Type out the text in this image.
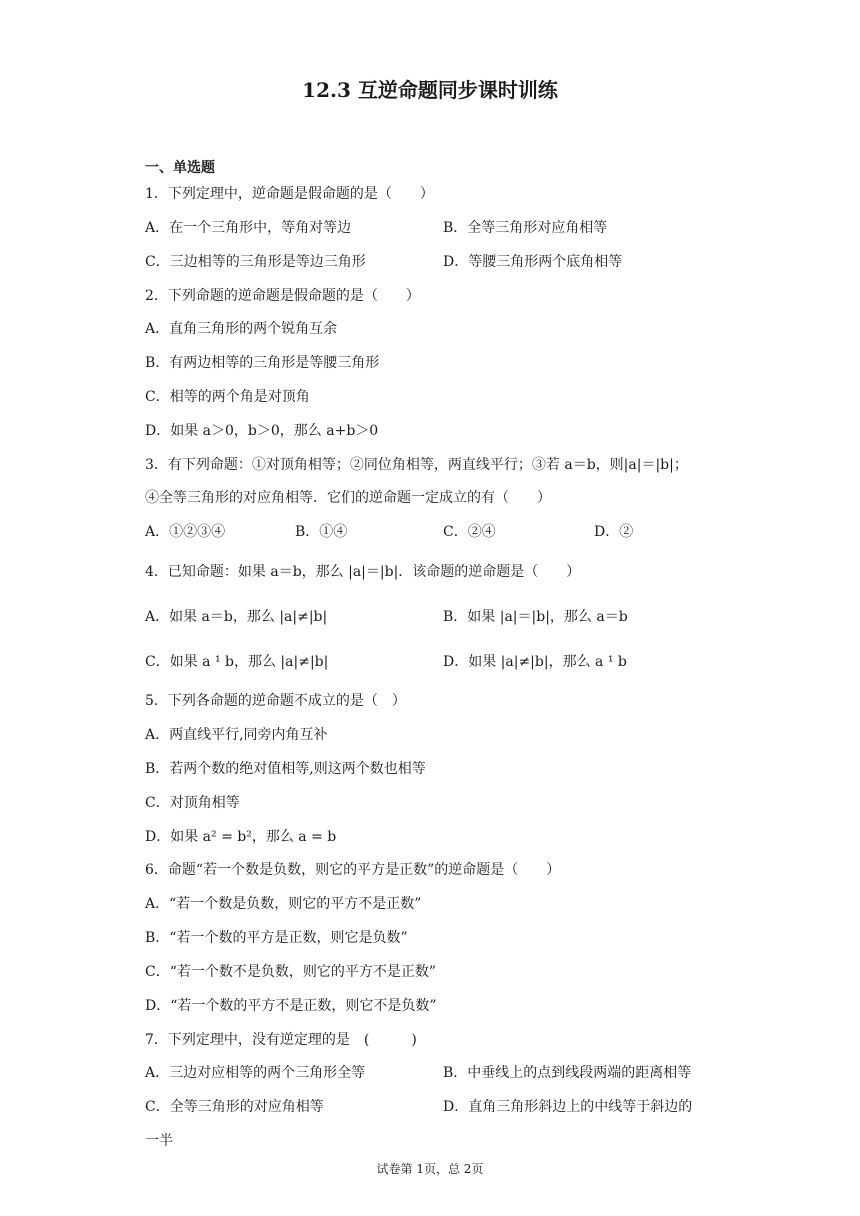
12.3 互逆命题同步课时训练
一、单选题
1．下列定理中，逆命题是假命题的是（　　）
A．在一个三角形中，等角对等边	B．全等三角形对应角相等
C．三边相等的三角形是等边三角形	D．等腰三角形两个底角相等
2．下列命题的逆命题是假命题的是（　　）
A．直角三角形的两个锐角互余
B．有两边相等的三角形是等腰三角形
C．相等的两个角是对顶角
D．如果 a＞0，b＞0，那么 a+b＞0
3．有下列命题：①对顶角相等；②同位角相等，两直线平行；③若 a＝b，则|a|＝|b|；
④全等三角形的对应角相等．它们的逆命题一定成立的有（　　）
A．①②③④	B．①④	C．②④	D．②
4．已知命题：如果 a＝b，那么 |a|＝|b|．该命题的逆命题是（　　）
A．如果 a＝b，那么 |a|≠|b|	B．如果 |a|＝|b|，那么 a＝b
C．如果 a ¹ b，那么 |a|≠|b|	D．如果 |a|≠|b|，那么 a ¹ b
5．下列各命题的逆命题不成立的是（　）
A．两直线平行,同旁内角互补
B．若两个数的绝对值相等,则这两个数也相等
C．对顶角相等
D．如果 a² = b²，那么 a = b
6．命题“若一个数是负数，则它的平方是正数”的逆命题是（　　）
A．“若一个数是负数，则它的平方不是正数”
B．“若一个数的平方是正数，则它是负数”
C．“若一个数不是负数，则它的平方不是正数”
D．“若一个数的平方不是正数，则它不是负数”
7．下列定理中，没有逆定理的是　(　　　)
A．三边对应相等的两个三角形全等	B．中垂线上的点到线段两端的距离相等
C．全等三角形的对应角相等	D．直角三角形斜边上的中线等于斜边的
一半
试卷第 1页，总 2页
